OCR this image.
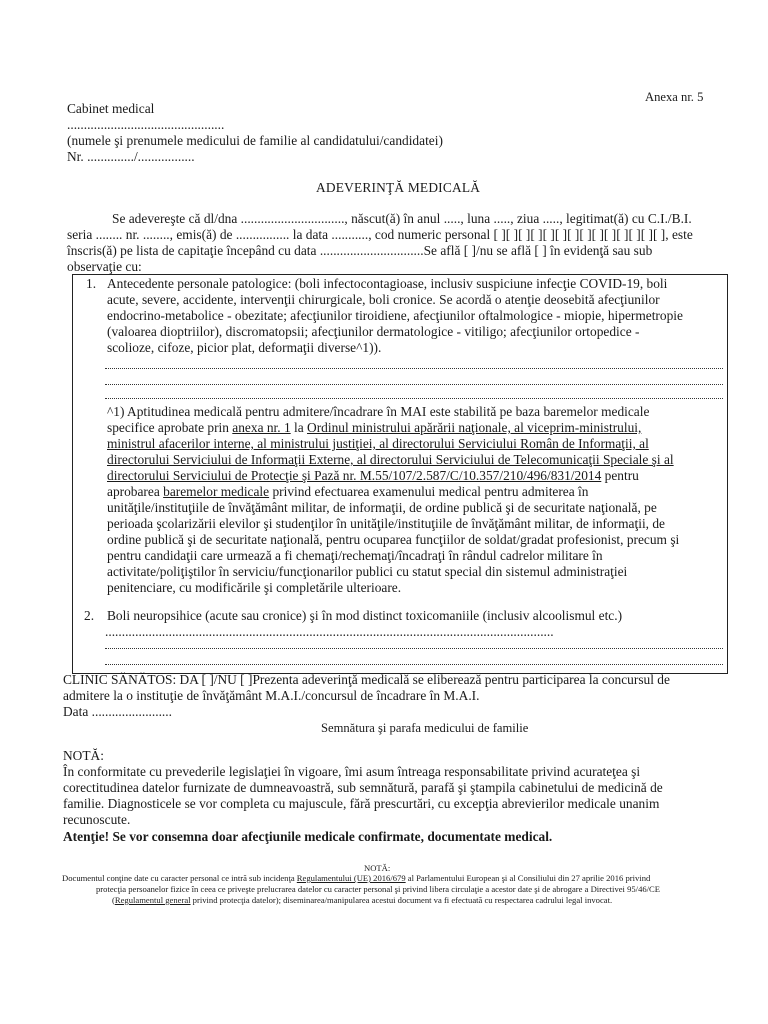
Anexa nr. 5
Cabinet medical
...............................................
(numele şi prenumele medicului de familie al candidatului/candidatei)
Nr. ............../.................
ADEVERINŢĂ MEDICALĂ
Se adevereşte că dl/dna ..............................., născut(ă) în anul ....., luna ....., ziua ....., legitimat(ă) cu C.I./B.I.
seria ........ nr. ........, emis(ă) de ................ la data ..........., cod numeric personal [ ][ ][ ][ ][ ][ ][ ][ ][ ][ ][ ][ ][ ][ ], este
înscris(ă) pe lista de capitaţie începând cu data ...............................Se află [ ]/nu se află [ ] în evidenţă sau sub
observaţie cu:
1. Antecedente personale patologice: (boli infectocontagioase, inclusiv suspiciune infecţie COVID-19, boli
acute, severe, accidente, intervenţii chirurgicale, boli cronice. Se acordă o atenţie deosebită afecţiunilor
endocrino-metabolice - obezitate; afecţiunilor tiroidiene, afecţiunilor oftalmologice - miopie, hipermetropie
(valoarea dioptriilor), discromatopsii; afecţiunilor dermatologice - vitiligo; afecţiunilor ortopedice -
scolioze, cifoze, picior plat, deformaţii diverse^1)).
^1) Aptitudinea medicală pentru admitere/încadrare în MAI este stabilită pe baza baremelor medicale
specifice aprobate prin anexa nr. 1 la Ordinul ministrului apărării naţionale, al viceprim-ministrului,
ministrul afacerilor interne, al ministrului justiţiei, al directorului Serviciului Român de Informaţii, al
directorului Serviciului de Informaţii Externe, al directorului Serviciului de Telecomunicaţii Speciale şi al
directorului Serviciului de Protecţie şi Pază nr. M.55/107/2.587/C/10.357/210/496/831/2014 pentru
aprobarea baremelor medicale privind efectuarea examenului medical pentru admiterea în
unităţile/instituţiile de învăţământ militar, de informaţii, de ordine publică şi de securitate naţională, pe
perioada şcolarizării elevilor şi studenţilor în unităţile/instituţiile de învăţământ militar, de informaţii, de
ordine publică şi de securitate naţională, pentru ocuparea funcţiilor de soldat/gradat profesionist, precum şi
pentru candidaţii care urmează a fi chemaţi/rechemaţi/încadraţi în rândul cadrelor militare în
activitate/poliţiştilor în serviciu/funcţionarilor publici cu statut special din sistemul administraţiei
penitenciare, cu modificările şi completările ulterioare.
2. Boli neuropsihice (acute sau cronice) şi în mod distinct toxicomaniile (inclusiv alcoolismul etc.)
......................................................................................................................................
CLINIC SĂNĂTOS: DA [ ]/NU [ ]Prezenta adeverinţă medicală se eliberează pentru participarea la concursul de
admitere la o instituţie de învăţământ M.A.I./concursul de încadrare în M.A.I.
Data ........................
Semnătura şi parafa medicului de familie
NOTĂ:
În conformitate cu prevederile legislaţiei în vigoare, îmi asum întreaga responsabilitate privind acurateţea şi
corectitudinea datelor furnizate de dumneavoastră, sub semnătură, parafă şi ştampila cabinetului de medicină de
familie. Diagnosticele se vor completa cu majuscule, fără prescurtări, cu excepţia abrevierilor medicale unanim
recunoscute.
Atenţie! Se vor consemna doar afecţiunile medicale confirmate, documentate medical.
NOTĂ:
Documentul conţine date cu caracter personal ce intră sub incidenţa Regulamentului (UE) 2016/679 al Parlamentului European şi al Consiliului din 27 aprilie 2016 privind
protecţia persoanelor fizice în ceea ce priveşte prelucrarea datelor cu caracter personal şi privind libera circulaţie a acestor date şi de abrogare a Directivei 95/46/CE
(Regulamentul general privind protecţia datelor); diseminarea/manipularea acestui document va fi efectuată cu respectarea cadrului legal invocat.
